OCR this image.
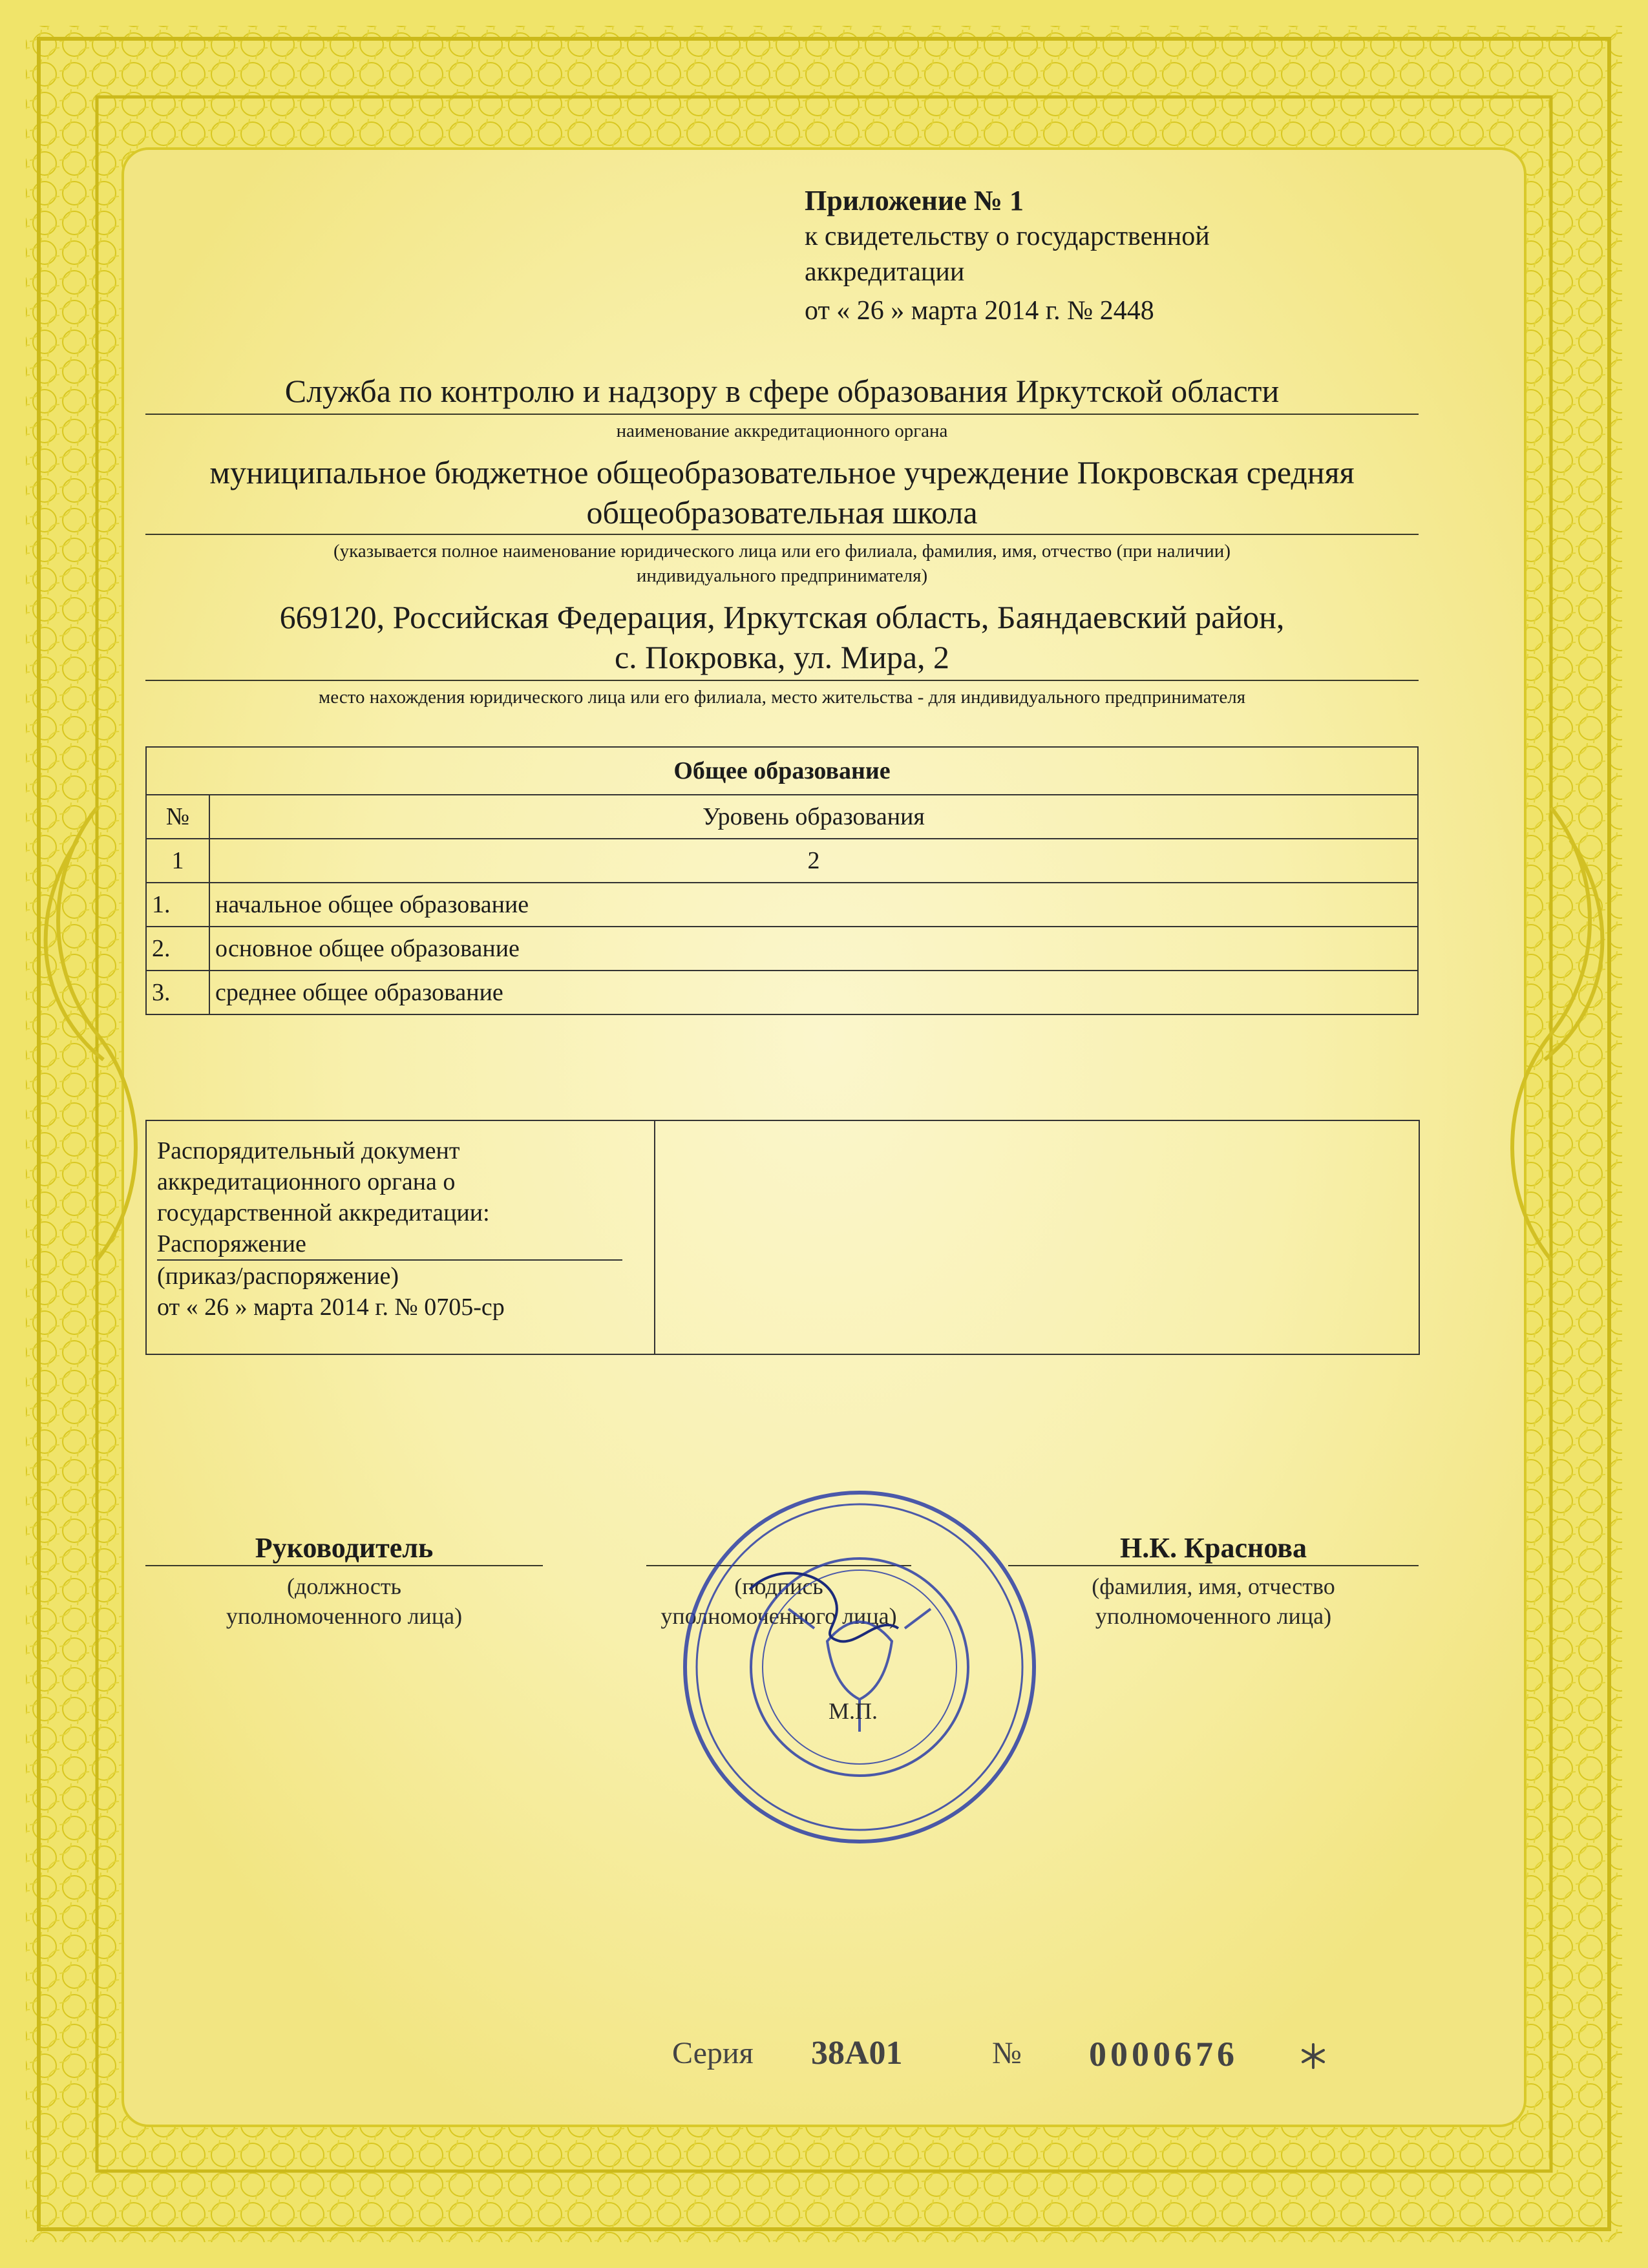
Приложение № 1
к свидетельству о государственной
аккредитации
от « 26 » марта 2014 г. № 2448
Служба по контролю и надзору в сфере образования Иркутской области
наименование аккредитационного органа
муниципальное бюджетное общеобразовательное учреждение Покровская средняя
общеобразовательная школа
(указывается полное наименование юридического лица или его филиала, фамилия, имя, отчество (при наличии)
индивидуального предпринимателя)
669120, Российская Федерация, Иркутская область, Баяндаевский район,
с. Покровка, ул. Мира, 2
место нахождения юридического лица или его филиала, место жительства - для индивидуального предпринимателя
Общее образование	
№	Уровень образования
1	2
1.	начальное общее образование
2.	основное общее образование
3.	среднее общее образование
Распорядительный документ
аккредитационного органа о
государственной аккредитации:
Распоряжение
(приказ/распоряжение)
от « 26 » марта 2014 г. № 0705-ср
Руководитель
(должность
уполномоченного лица)
(подпись
уполномоченного лица)
Н.К. Краснова
(фамилия, имя, отчество
уполномоченного лица)
М.П.
Серия 38А01	№ 0000676
